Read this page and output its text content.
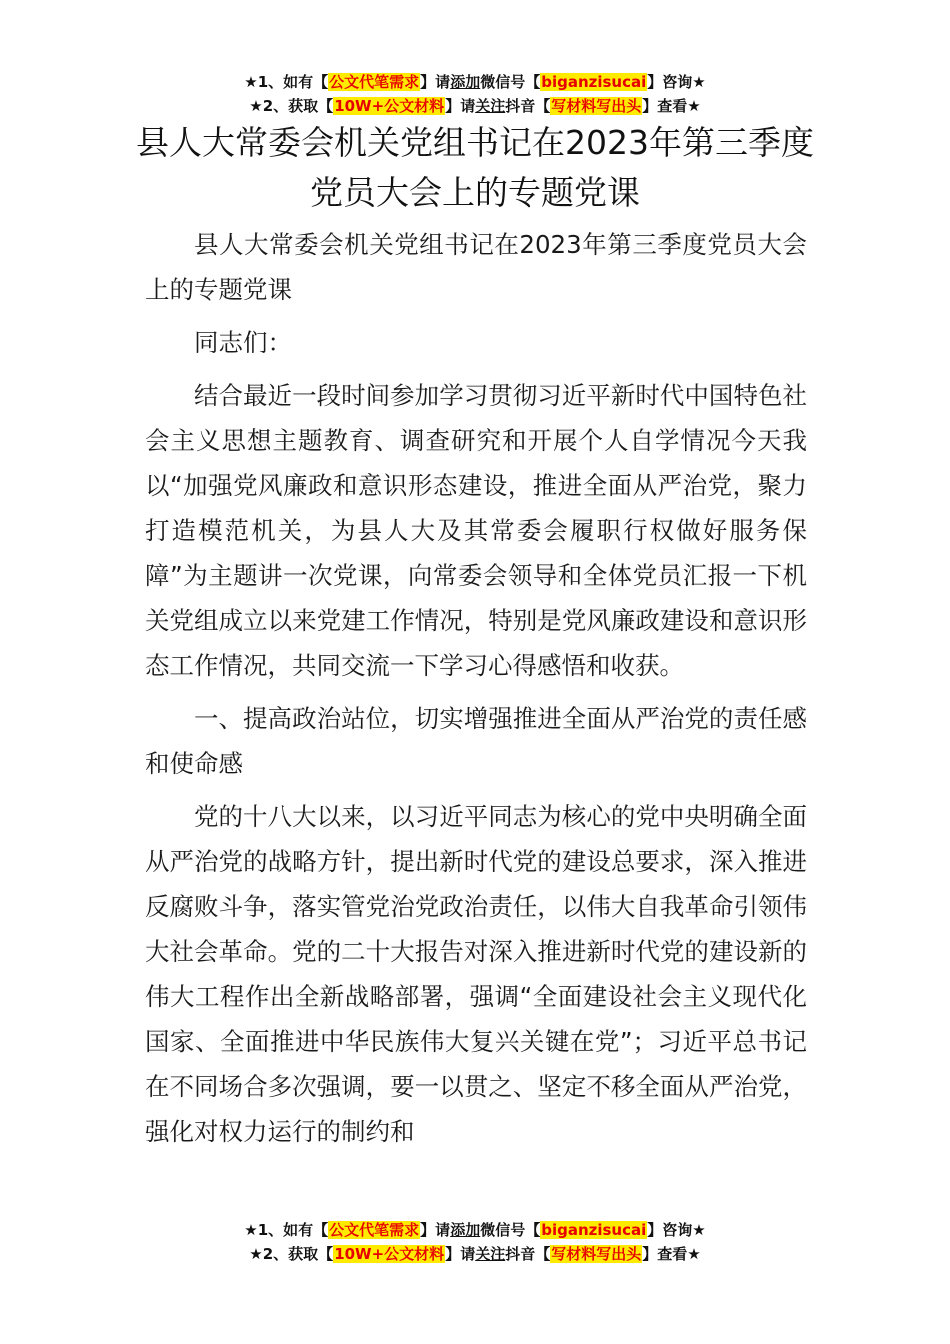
★1、如有【公文代笔需求】请添加微信号【biganzisucai】咨询★
★2、获取【10W+公文材料】请关注抖音【写材料写出头】查看★
县人大常委会机关党组书记在2023年第三季度党员大会上的专题党课

县人大常委会机关党组书记在2023年第三季度党员大会上的专题党课

同志们：

结合最近一段时间参加学习贯彻习近平新时代中国特色社会主义思想主题教育、调查研究和开展个人自学情况今天我以“加强党风廉政和意识形态建设，推进全面从严治党，聚力打造模范机关，为县人大及其常委会履职行权做好服务保障”为主题讲一次党课，向常委会领导和全体党员汇报一下机关党组成立以来党建工作情况，特别是党风廉政建设和意识形态工作情况，共同交流一下学习心得感悟和收获。

一、提高政治站位，切实增强推进全面从严治党的责任感和使命感

党的十八大以来，以习近平同志为核心的党中央明确全面从严治党的战略方针，提出新时代党的建设总要求，深入推进反腐败斗争，落实管党治党政治责任，以伟大自我革命引领伟大社会革命。党的二十大报告对深入推进新时代党的建设新的伟大工程作出全新战略部署，强调“全面建设社会主义现代化国家、全面推进中华民族伟大复兴关键在党”；习近平总书记在不同场合多次强调，要一以贯之、坚定不移全面从严治党，强化对权力运行的制约和

★1、如有【公文代笔需求】请添加微信号【biganzisucai】咨询★
★2、获取【10W+公文材料】请关注抖音【写材料写出头】查看★
